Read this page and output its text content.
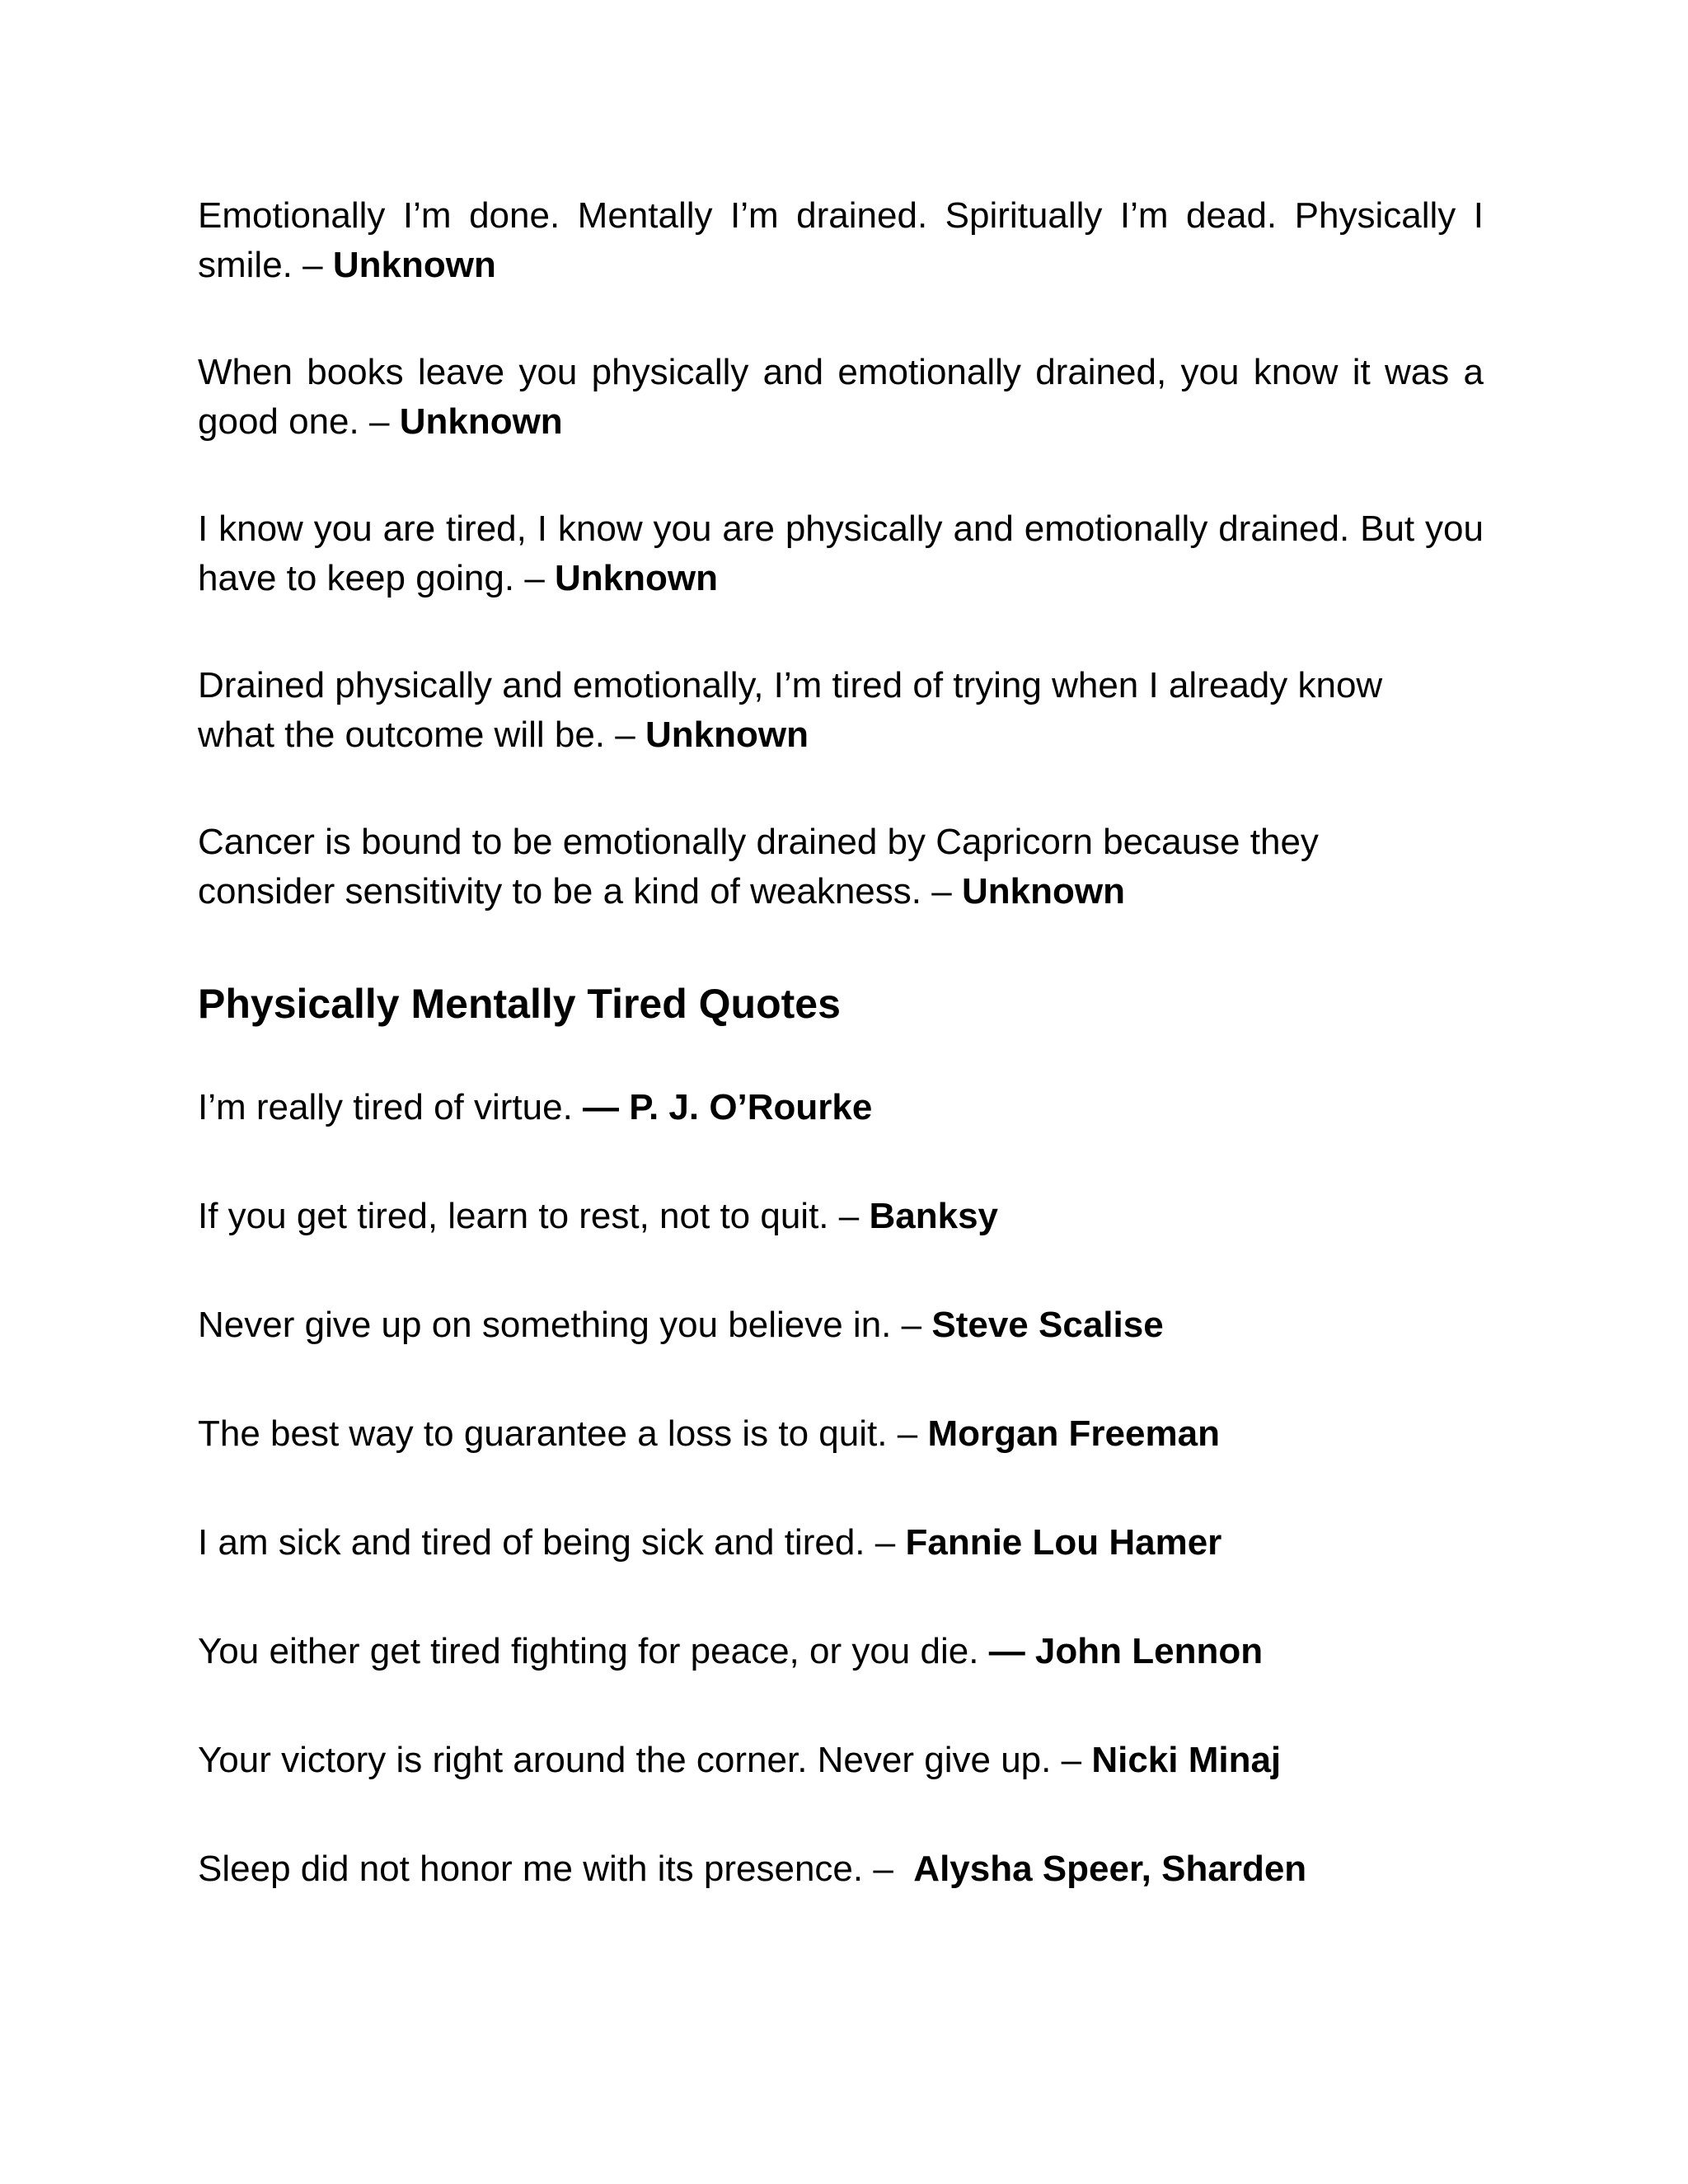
Emotionally I’m done. Mentally I’m drained. Spiritually I’m dead. Physically I smile. – Unknown

When books leave you physically and emotionally drained, you know it was a good one. – Unknown

I know you are tired, I know you are physically and emotionally drained. But you have to keep going. – Unknown

Drained physically and emotionally, I’m tired of trying when I already know what the outcome will be. – Unknown

Cancer is bound to be emotionally drained by Capricorn because they consider sensitivity to be a kind of weakness. – Unknown

Physically Mentally Tired Quotes

I’m really tired of virtue. — P. J. O’Rourke

If you get tired, learn to rest, not to quit. – Banksy

Never give up on something you believe in. – Steve Scalise

The best way to guarantee a loss is to quit. – Morgan Freeman

I am sick and tired of being sick and tired. – Fannie Lou Hamer

You either get tired fighting for peace, or you die. — John Lennon

Your victory is right around the corner. Never give up. – Nicki Minaj

Sleep did not honor me with its presence. – Alysha Speer, Sharden
